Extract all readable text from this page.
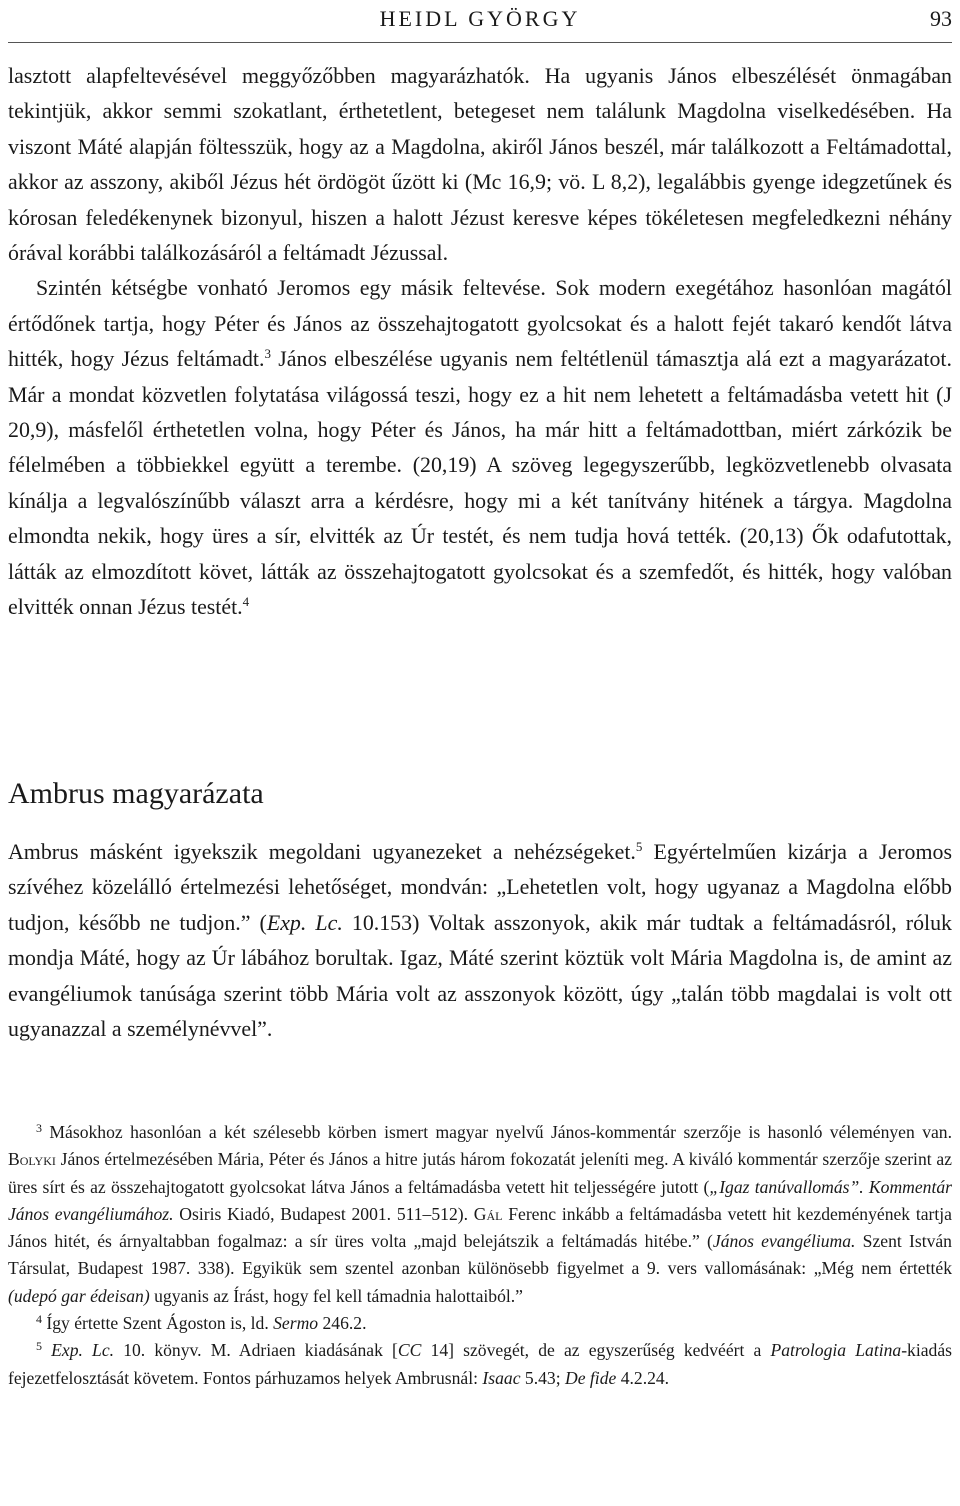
HEIDL GYÖRGY	93

lasztott alapfeltevésével meggyőzőbben magyarázhatók. Ha ugyanis János elbeszélését önmagában tekintjük, akkor semmi szokatlant, érthetetlent, betegeset nem találunk Magdolna viselkedésében. Ha viszont Máté alapján föltesszük, hogy az a Magdolna, akiről János beszél, már találkozott a Feltámadottal, akkor az asszony, akiből Jézus hét ördögöt űzött ki (Mc 16,9; vö. L 8,2), legalábbis gyenge idegzetűnek és kórosan feledékenynek bizonyul, hiszen a halott Jézust keresve képes tökéletesen megfeledkezni néhány órával korábbi találkozásáról a feltámadt Jézussal.

Szintén kétségbe vonható Jeromos egy másik feltevése. Sok modern exegétához hasonlóan magától értődőnek tartja, hogy Péter és János az összehajtogatott gyolcsokat és a halott fejét takaró kendőt látva hitték, hogy Jézus feltámadt.$^3$ János elbeszélése ugyanis nem feltétlenül támasztja alá ezt a magyarázatot. Már a mondat közvetlen folytatása világossá teszi, hogy ez a hit nem lehetett a feltámadásba vetett hit (J 20,9), másfelől érthetetlen volna, hogy Péter és János, ha már hitt a feltámadottban, miért zárkózik be félelmében a többiekkel együtt a terembe. (20,19) A szöveg legegyszerűbb, legközvetlenebb olvasata kínálja a legvalószínűbb választ arra a kérdésre, hogy mi a két tanítvány hitének a tárgya. Magdolna elmondta nekik, hogy üres a sír, elvitték az Úr testét, és nem tudja hová tették. (20,13) Ők odafutottak, látták az elmozdított követ, látták az összehajtogatott gyolcsokat és a szemfedőt, és hitték, hogy valóban elvitték onnan Jézus testét.$^4$

Ambrus magyarázata

Ambrus másként igyekszik megoldani ugyanezeket a nehézségeket.$^5$ Egyértelműen kizárja a Jeromos szívéhez közelálló értelmezési lehetőséget, mondván: „Lehetetlen volt, hogy ugyanaz a Magdolna előbb tudjon, később ne tudjon.” (Exp. Lc. 10.153) Voltak asszonyok, akik már tudtak a feltámadásról, róluk mondja Máté, hogy az Úr lábához borultak. Igaz, Máté szerint köztük volt Mária Magdolna is, de amint az evangéliumok tanúsága szerint több Mária volt az asszonyok között, úgy „talán több magdalai is volt ott ugyanazzal a személynévvel”.

$^3$ Másokhoz hasonlóan a két szélesebb körben ismert magyar nyelvű János-kommentár szerzője is hasonló véleményen van. Bolyki János értelmezésében Mária, Péter és János a hitre jutás három fokozatát jeleníti meg. A kiváló kommentár szerzője szerint az üres sírt és az összehajtogatott gyolcsokat látva János a feltámadásba vetett hit teljességére jutott („Igaz tanúvallomás”. Kommentár János evangéliumához. Osiris Kiadó, Budapest 2001. 511–512). Gál Ferenc inkább a feltámadásba vetett hit kezdeményének tartja János hitét, és árnyaltabban fogalmaz: a sír üres volta „majd belejátszik a feltámadás hitébe.” (János evangéliuma. Szent István Társulat, Budapest 1987. 338). Egyikük sem szentel azonban különösebb figyelmet a 9. vers vallomásának: „Még nem értették (udepó gar édeisan) ugyanis az Írást, hogy fel kell támadnia halottaiból.”

$^4$ Így értette Szent Ágoston is, ld. Sermo 246.2.

$^5$ Exp. Lc. 10. könyv. M. Adriaen kiadásának [CC 14] szövegét, de az egyszerűség kedvéért a Patrologia Latina-kiadás fejezetfelosztását követem. Fontos párhuzamos helyek Ambrusnál: Isaac 5.43; De fide 4.2.24.
